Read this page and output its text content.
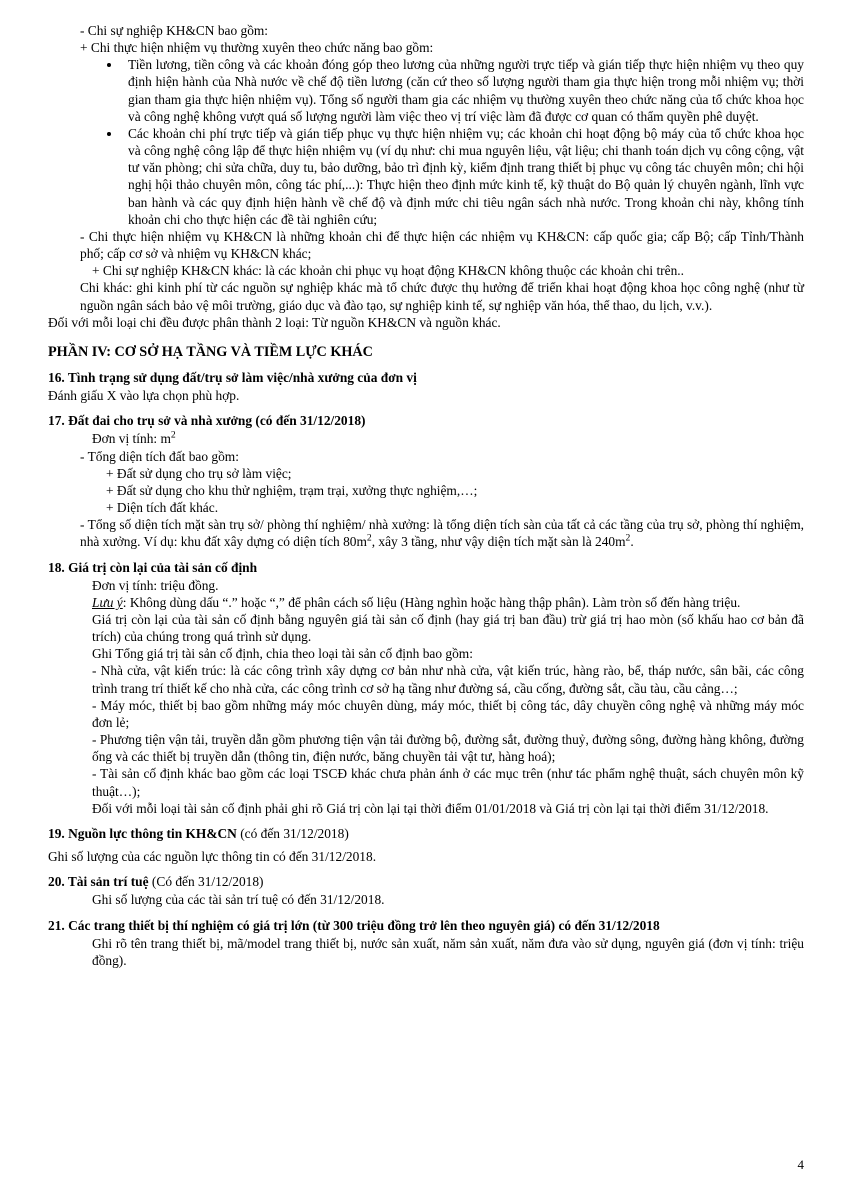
- Chi sự nghiệp KH&CN bao gồm:

+ Chi thực hiện nhiệm vụ thường xuyên theo chức năng bao gồm:

• Tiền lương, tiền công và các khoản đóng góp theo lương của những người trực tiếp và gián tiếp thực hiện nhiệm vụ theo quy định hiện hành của Nhà nước về chế độ tiền lương (căn cứ theo số lượng người tham gia thực hiện trong mỗi nhiệm vụ; thời gian tham gia thực hiện nhiệm vụ). Tổng số người tham gia các nhiệm vụ thường xuyên theo chức năng của tổ chức khoa học và công nghệ không vượt quá số lượng người làm việc theo vị trí việc làm đã được cơ quan có thẩm quyền phê duyệt.
• Các khoản chi phí trực tiếp và gián tiếp phục vụ thực hiện nhiệm vụ; các khoản chi hoạt động bộ máy của tổ chức khoa học và công nghệ công lập để thực hiện nhiệm vụ (ví dụ như: chi mua nguyên liệu, vật liệu; chi thanh toán dịch vụ công cộng, vật tư văn phòng; chi sửa chữa, duy tu, bảo dưỡng, bảo trì định kỳ, kiểm định trang thiết bị phục vụ công tác chuyên môn; chi hội nghị hội thảo chuyên môn, công tác phí,...): Thực hiện theo định mức kinh tế, kỹ thuật do Bộ quản lý chuyên ngành, lĩnh vực ban hành và các quy định hiện hành về chế độ và định mức chi tiêu ngân sách nhà nước. Trong khoản chi này, không tính khoản chi cho thực hiện các đề tài nghiên cứu;

- Chi thực hiện nhiệm vụ KH&CN là những khoản chi để thực hiện các nhiệm vụ KH&CN: cấp quốc gia; cấp Bộ; cấp Tỉnh/Thành phố; cấp cơ sở và nhiệm vụ KH&CN khác;

+ Chi sự nghiệp KH&CN khác: là các khoản chi phục vụ hoạt động KH&CN không thuộc các khoản chi trên..

Chi khác: ghi kinh phí từ các nguồn sự nghiệp khác mà tổ chức được thụ hưởng để triển khai hoạt động khoa học công nghệ (như từ nguồn ngân sách bảo vệ môi trường, giáo dục và đào tạo, sự nghiệp kinh tế, sự nghiệp văn hóa, thể thao, du lịch, v.v.).

Đối với mỗi loại chi đều được phân thành 2 loại: Từ nguồn KH&CN và nguồn khác.

PHẦN IV: CƠ SỞ HẠ TẦNG VÀ TIỀM LỰC KHÁC

16. Tình trạng sử dụng đất/trụ sở làm việc/nhà xưởng của đơn vị

Đánh giấu X vào lựa chọn phù hợp.

17. Đất đai cho trụ sở và nhà xưởng (có đến 31/12/2018)

Đơn vị tính: $m^2$

- Tổng diện tích đất bao gồm:

+ Đất sử dụng cho trụ sở làm việc;

+ Đất sử dụng cho khu thử nghiệm, trạm trại, xưởng thực nghiệm,…;

+ Diện tích đất khác.

- Tổng số diện tích mặt sàn trụ sở/ phòng thí nghiệm/ nhà xưởng: là tổng diện tích sàn của tất cả các tầng của trụ sở, phòng thí nghiệm, nhà xưởng. Ví dụ: khu đất xây dựng có diện tích $80m^2$, xây 3 tầng, như vậy diện tích mặt sàn là $240m^2$.

18. Giá trị còn lại của tài sản cố định

Đơn vị tính: triệu đồng.

Lưu ý: Không dùng dấu “.” hoặc “,” để phân cách số liệu (Hàng nghìn hoặc hàng thập phân). Làm tròn số đến hàng triệu.

Giá trị còn lại của tài sản cố định bằng nguyên giá tài sản cố định (hay giá trị ban đầu) trừ giá trị hao mòn (số khấu hao cơ bản đã trích) của chúng trong quá trình sử dụng.

Ghi Tổng giá trị tài sản cố định, chia theo loại tài sản cố định bao gồm:

- Nhà cửa, vật kiến trúc: là các công trình xây dựng cơ bản như nhà cửa, vật kiến trúc, hàng rào, bể, tháp nước, sân bãi, các công trình trang trí thiết kế cho nhà cửa, các công trình cơ sở hạ tầng như đường sá, cầu cống, đường sắt, cầu tàu, cầu cảng…;

- Máy móc, thiết bị bao gồm những máy móc chuyên dùng, máy móc, thiết bị công tác, dây chuyền công nghệ và những máy móc đơn lẻ;

- Phương tiện vận tải, truyền dẫn gồm phương tiện vận tải đường bộ, đường sắt, đường thuỷ, đường sông, đường hàng không, đường ống và các thiết bị truyền dẫn (thông tin, điện nước, băng chuyền tải vật tư, hàng hoá);

- Tài sản cố định khác bao gồm các loại TSCĐ khác chưa phản ánh ở các mục trên (như tác phẩm nghệ thuật, sách chuyên môn kỹ thuật…);

Đối với mỗi loại tài sản cố định phải ghi rõ Giá trị còn lại tại thời điểm 01/01/2018 và Giá trị còn lại tại thời điểm 31/12/2018.

19. Nguồn lực thông tin KH&CN (có đến 31/12/2018)

Ghi số lượng của các nguồn lực thông tin có đến 31/12/2018.

20. Tài sản trí tuệ (Có đến 31/12/2018)

Ghi số lượng của các tài sản trí tuệ có đến 31/12/2018.

21. Các trang thiết bị thí nghiệm có giá trị lớn (từ 300 triệu đồng trở lên theo nguyên giá) có đến 31/12/2018

Ghi rõ tên trang thiết bị, mã/model trang thiết bị, nước sản xuất, năm sản xuất, năm đưa vào sử dụng, nguyên giá (đơn vị tính: triệu đồng).

4
